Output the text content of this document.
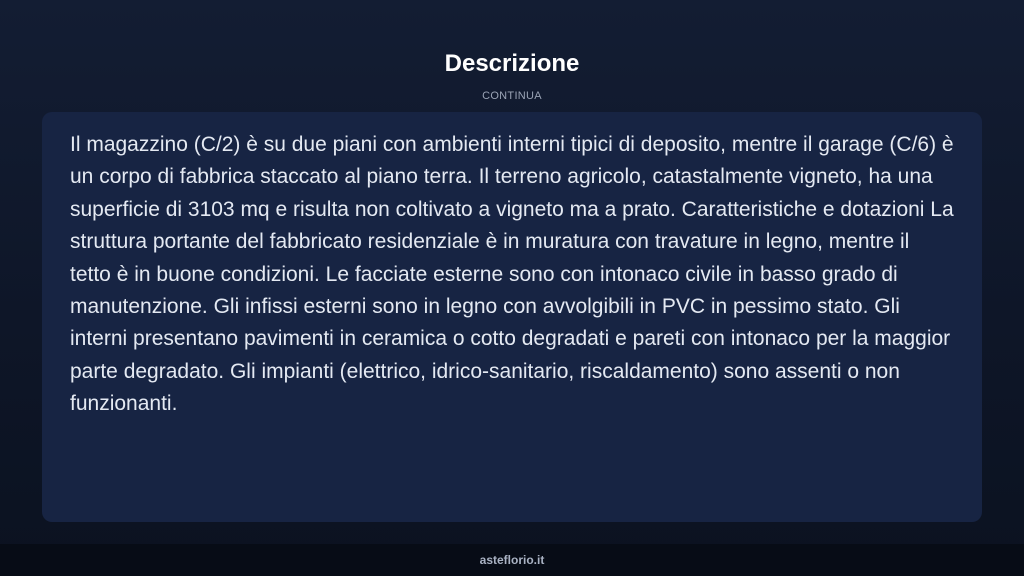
Descrizione
CONTINUA

Il magazzino (C/2) è su due piani con ambienti interni tipici di deposito, mentre il garage (C/6) è un corpo di fabbrica staccato al piano terra. Il terreno agricolo, catastalmente vigneto, ha una superficie di 3103 mq e risulta non coltivato a vigneto ma a prato. Caratteristiche e dotazioni La struttura portante del fabbricato residenziale è in muratura con travature in legno, mentre il tetto è in buone condizioni. Le facciate esterne sono con intonaco civile in basso grado di manutenzione. Gli infissi esterni sono in legno con avvolgibili in PVC in pessimo stato. Gli interni presentano pavimenti in ceramica o cotto degradati e pareti con intonaco per la maggior parte degradato. Gli impianti (elettrico, idrico-sanitario, riscaldamento) sono assenti o non funzionanti.

asteflorio.it
